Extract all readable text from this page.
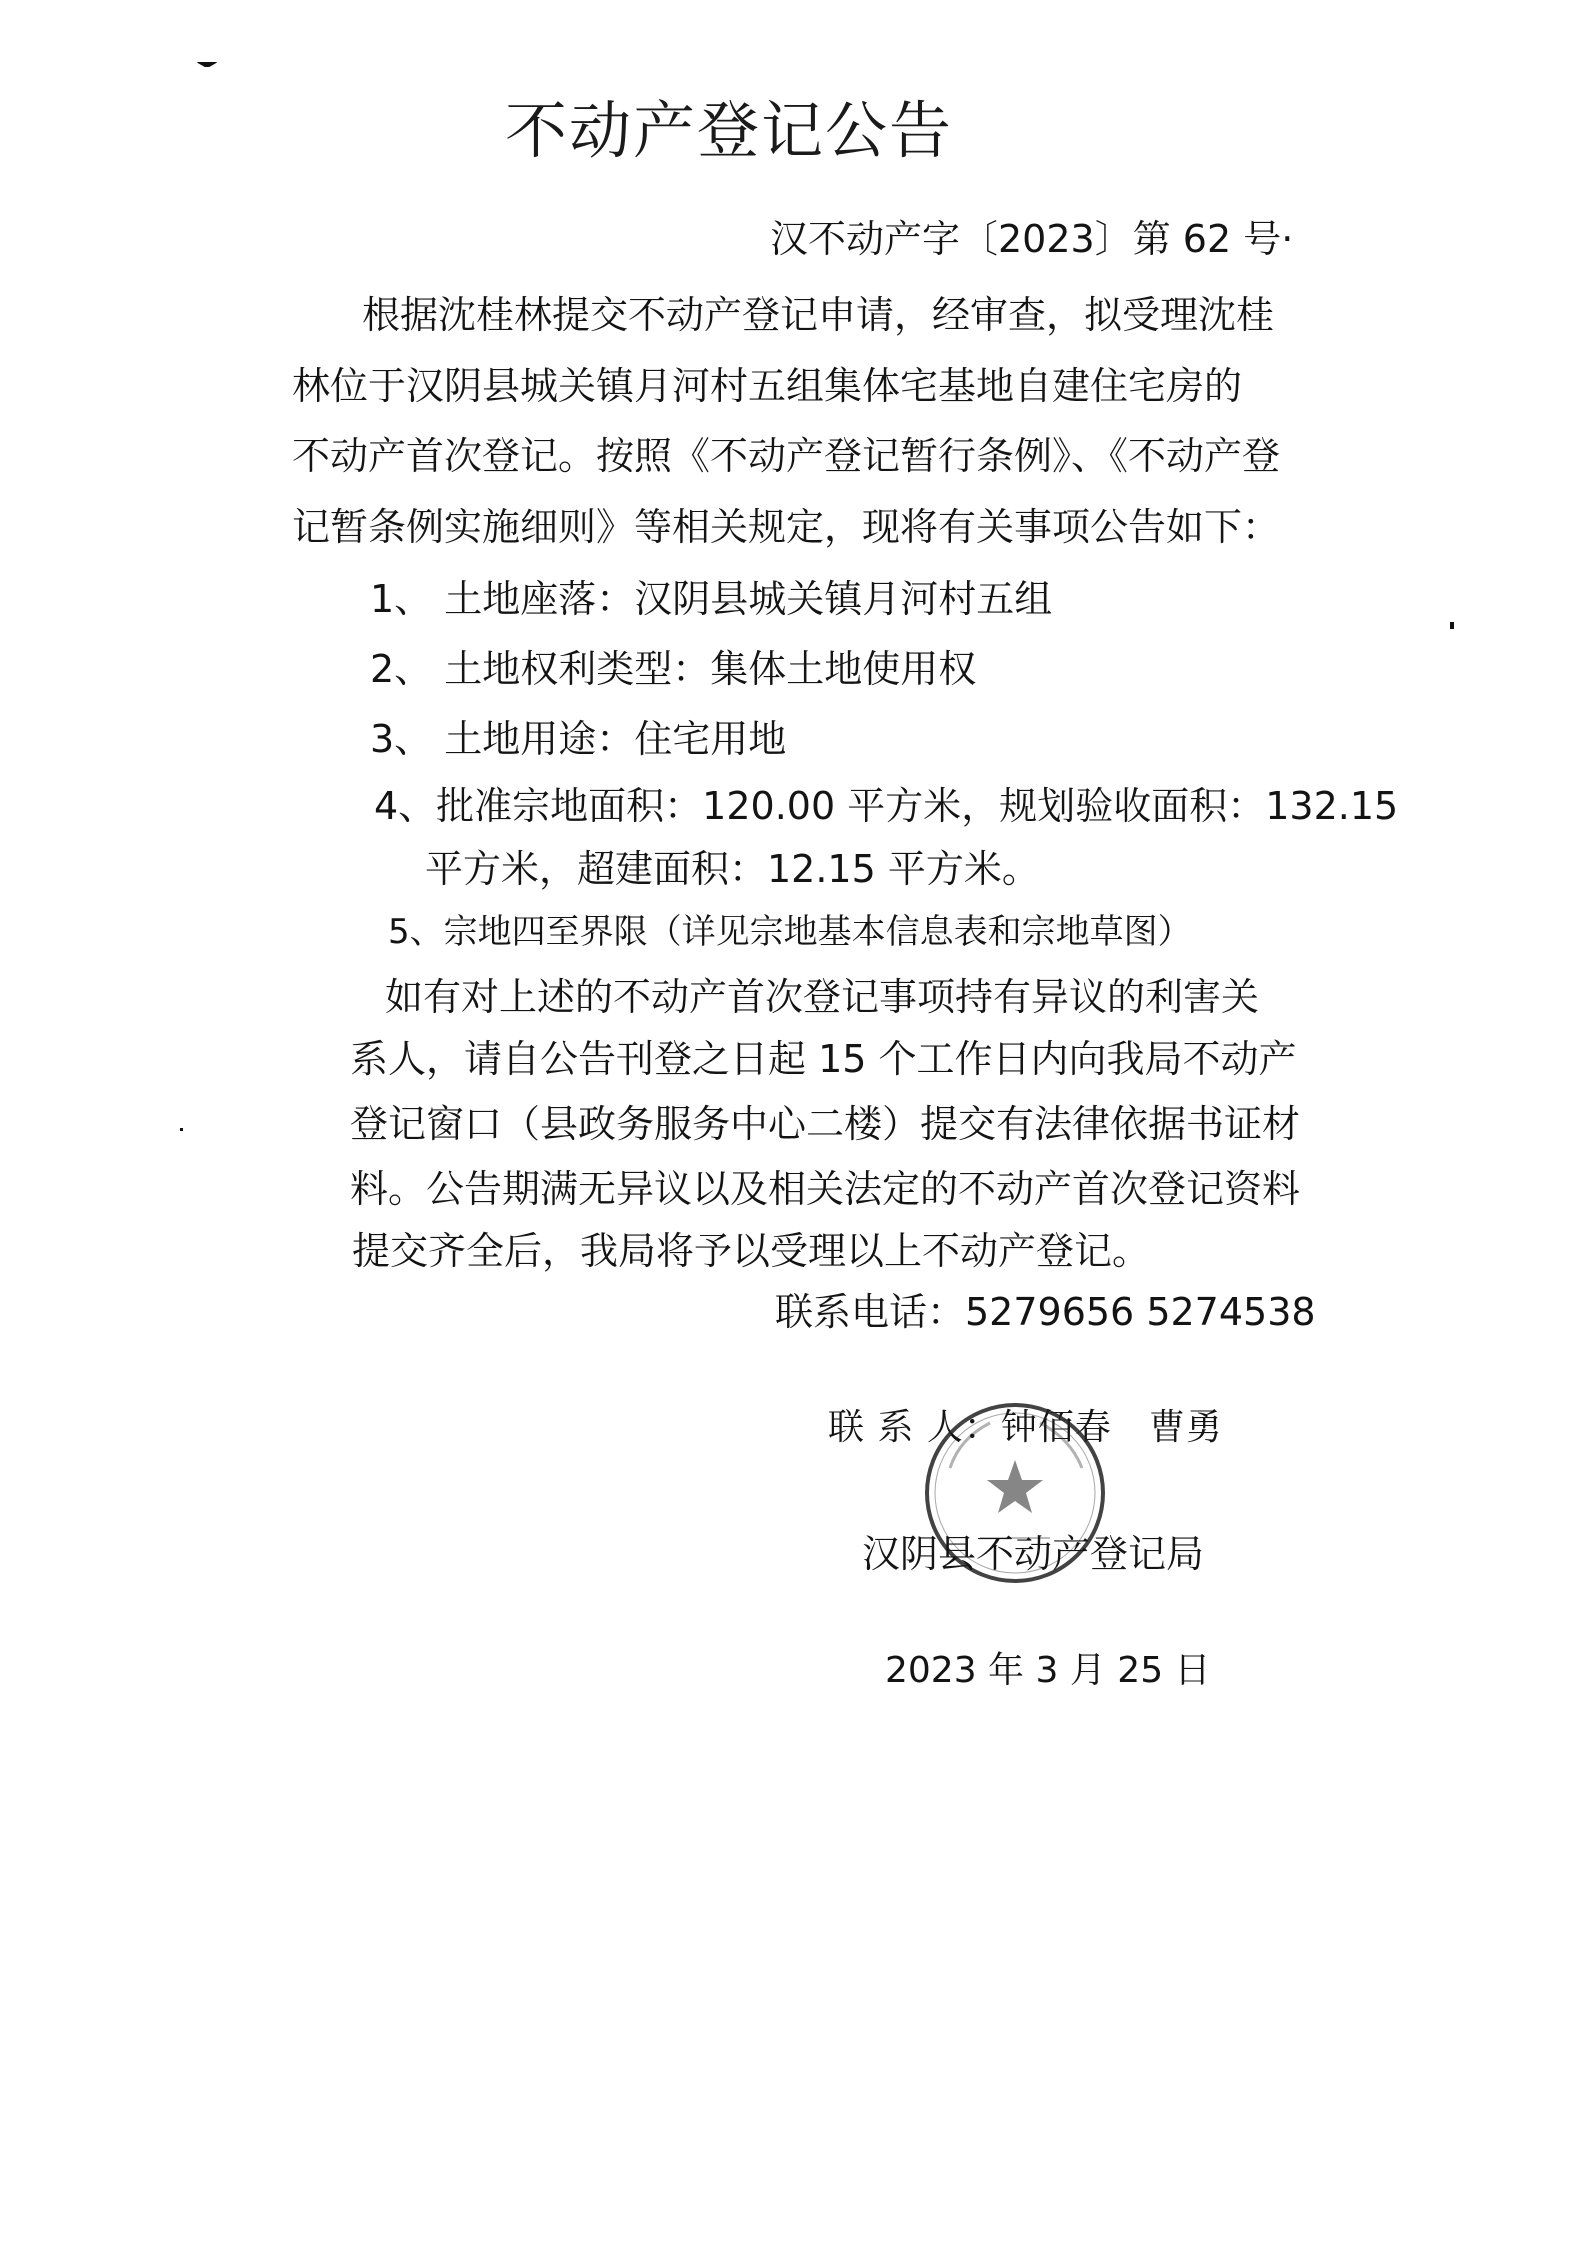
不动产登记公告
汉不动产字〔2023〕第 62 号·
根据沈桂林提交不动产登记申请，经审查，拟受理沈桂
林位于汉阴县城关镇月河村五组集体宅基地自建住宅房的
不动产首次登记。按照《不动产登记暂行条例》、《不动产登
记暂条例实施细则》等相关规定，现将有关事项公告如下：
1、 土地座落：汉阴县城关镇月河村五组
2、 土地权利类型：集体土地使用权
3、 土地用途：住宅用地
4、批准宗地面积：120.00 平方米，规划验收面积：132.15
平方米，超建面积：12.15 平方米。
5、宗地四至界限（详见宗地基本信息表和宗地草图）
如有对上述的不动产首次登记事项持有异议的利害关
系人，请自公告刊登之日起 15 个工作日内向我局不动产
登记窗口（县政务服务中心二楼）提交有法律依据书证材
料。公告期满无异议以及相关法定的不动产首次登记资料
提交齐全后，我局将予以受理以上不动产登记。
联系电话：5279656 5274538
联 系 人：钟佰春　曹勇
汉阴县不动产登记局
2023 年 3 月 25 日
